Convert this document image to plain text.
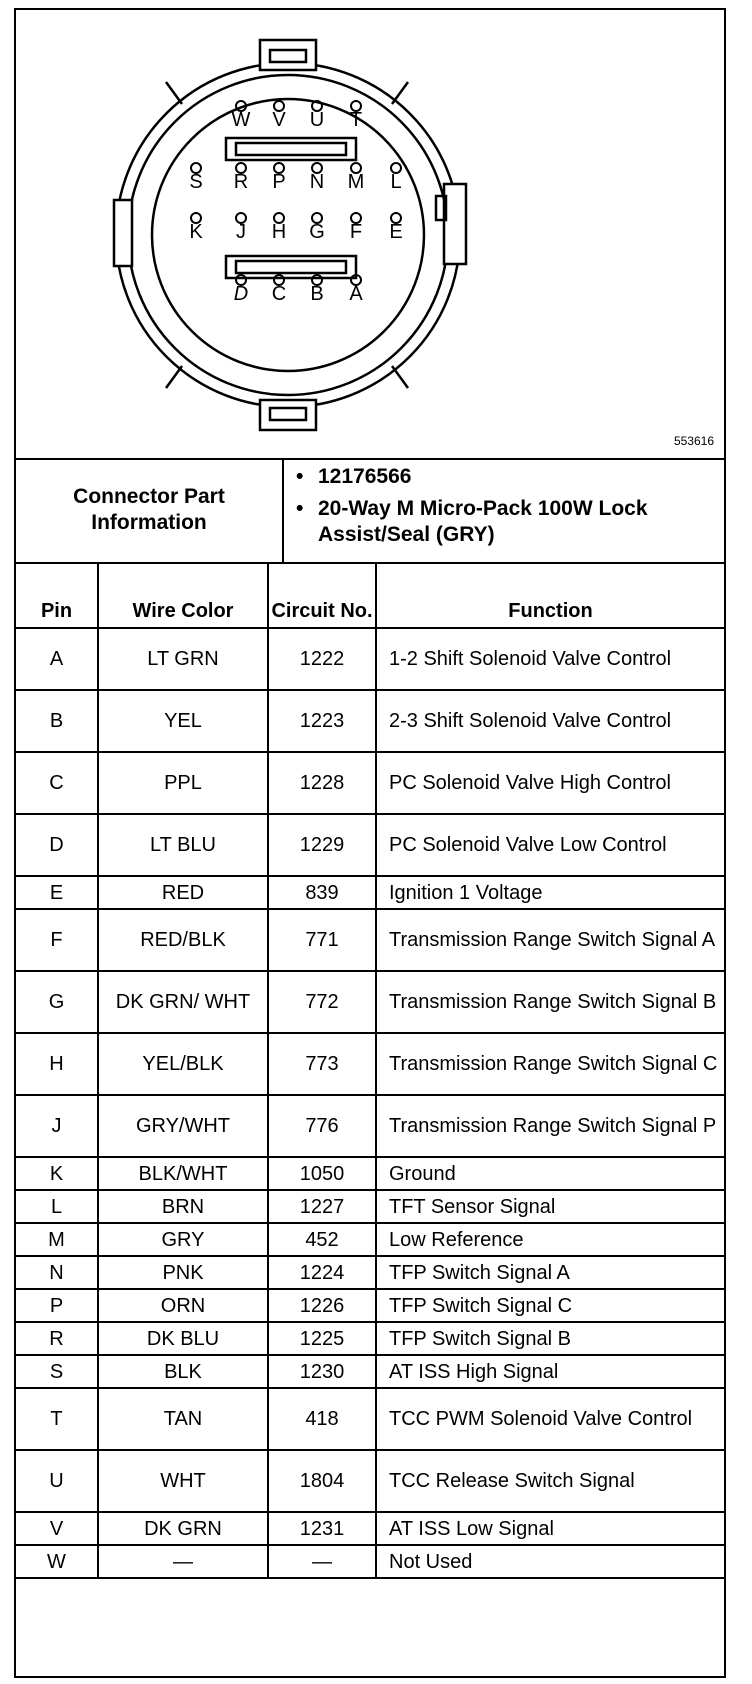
W V U T
S R P N M L
K J H G F E
D C B A
553616
Connector Part Information
• 12176566
• 20-Way M Micro-Pack 100W Lock Assist/Seal (GRY)
Pin	Wire Color	Circuit No.	Function
A	LT GRN	1222	1-2 Shift Solenoid Valve Control
B	YEL	1223	2-3 Shift Solenoid Valve Control
C	PPL	1228	PC Solenoid Valve High Control
D	LT BLU	1229	PC Solenoid Valve Low Control
E	RED	839	Ignition 1 Voltage
F	RED/BLK	771	Transmission Range Switch Signal A
G	DK GRN/ WHT	772	Transmission Range Switch Signal B
H	YEL/BLK	773	Transmission Range Switch Signal C
J	GRY/WHT	776	Transmission Range Switch Signal P
K	BLK/WHT	1050	Ground
L	BRN	1227	TFT Sensor Signal
M	GRY	452	Low Reference
N	PNK	1224	TFP Switch Signal A
P	ORN	1226	TFP Switch Signal C
R	DK BLU	1225	TFP Switch Signal B
S	BLK	1230	AT ISS High Signal
T	TAN	418	TCC PWM Solenoid Valve Control
U	WHT	1804	TCC Release Switch Signal
V	DK GRN	1231	AT ISS Low Signal
W	—	—	Not Used
